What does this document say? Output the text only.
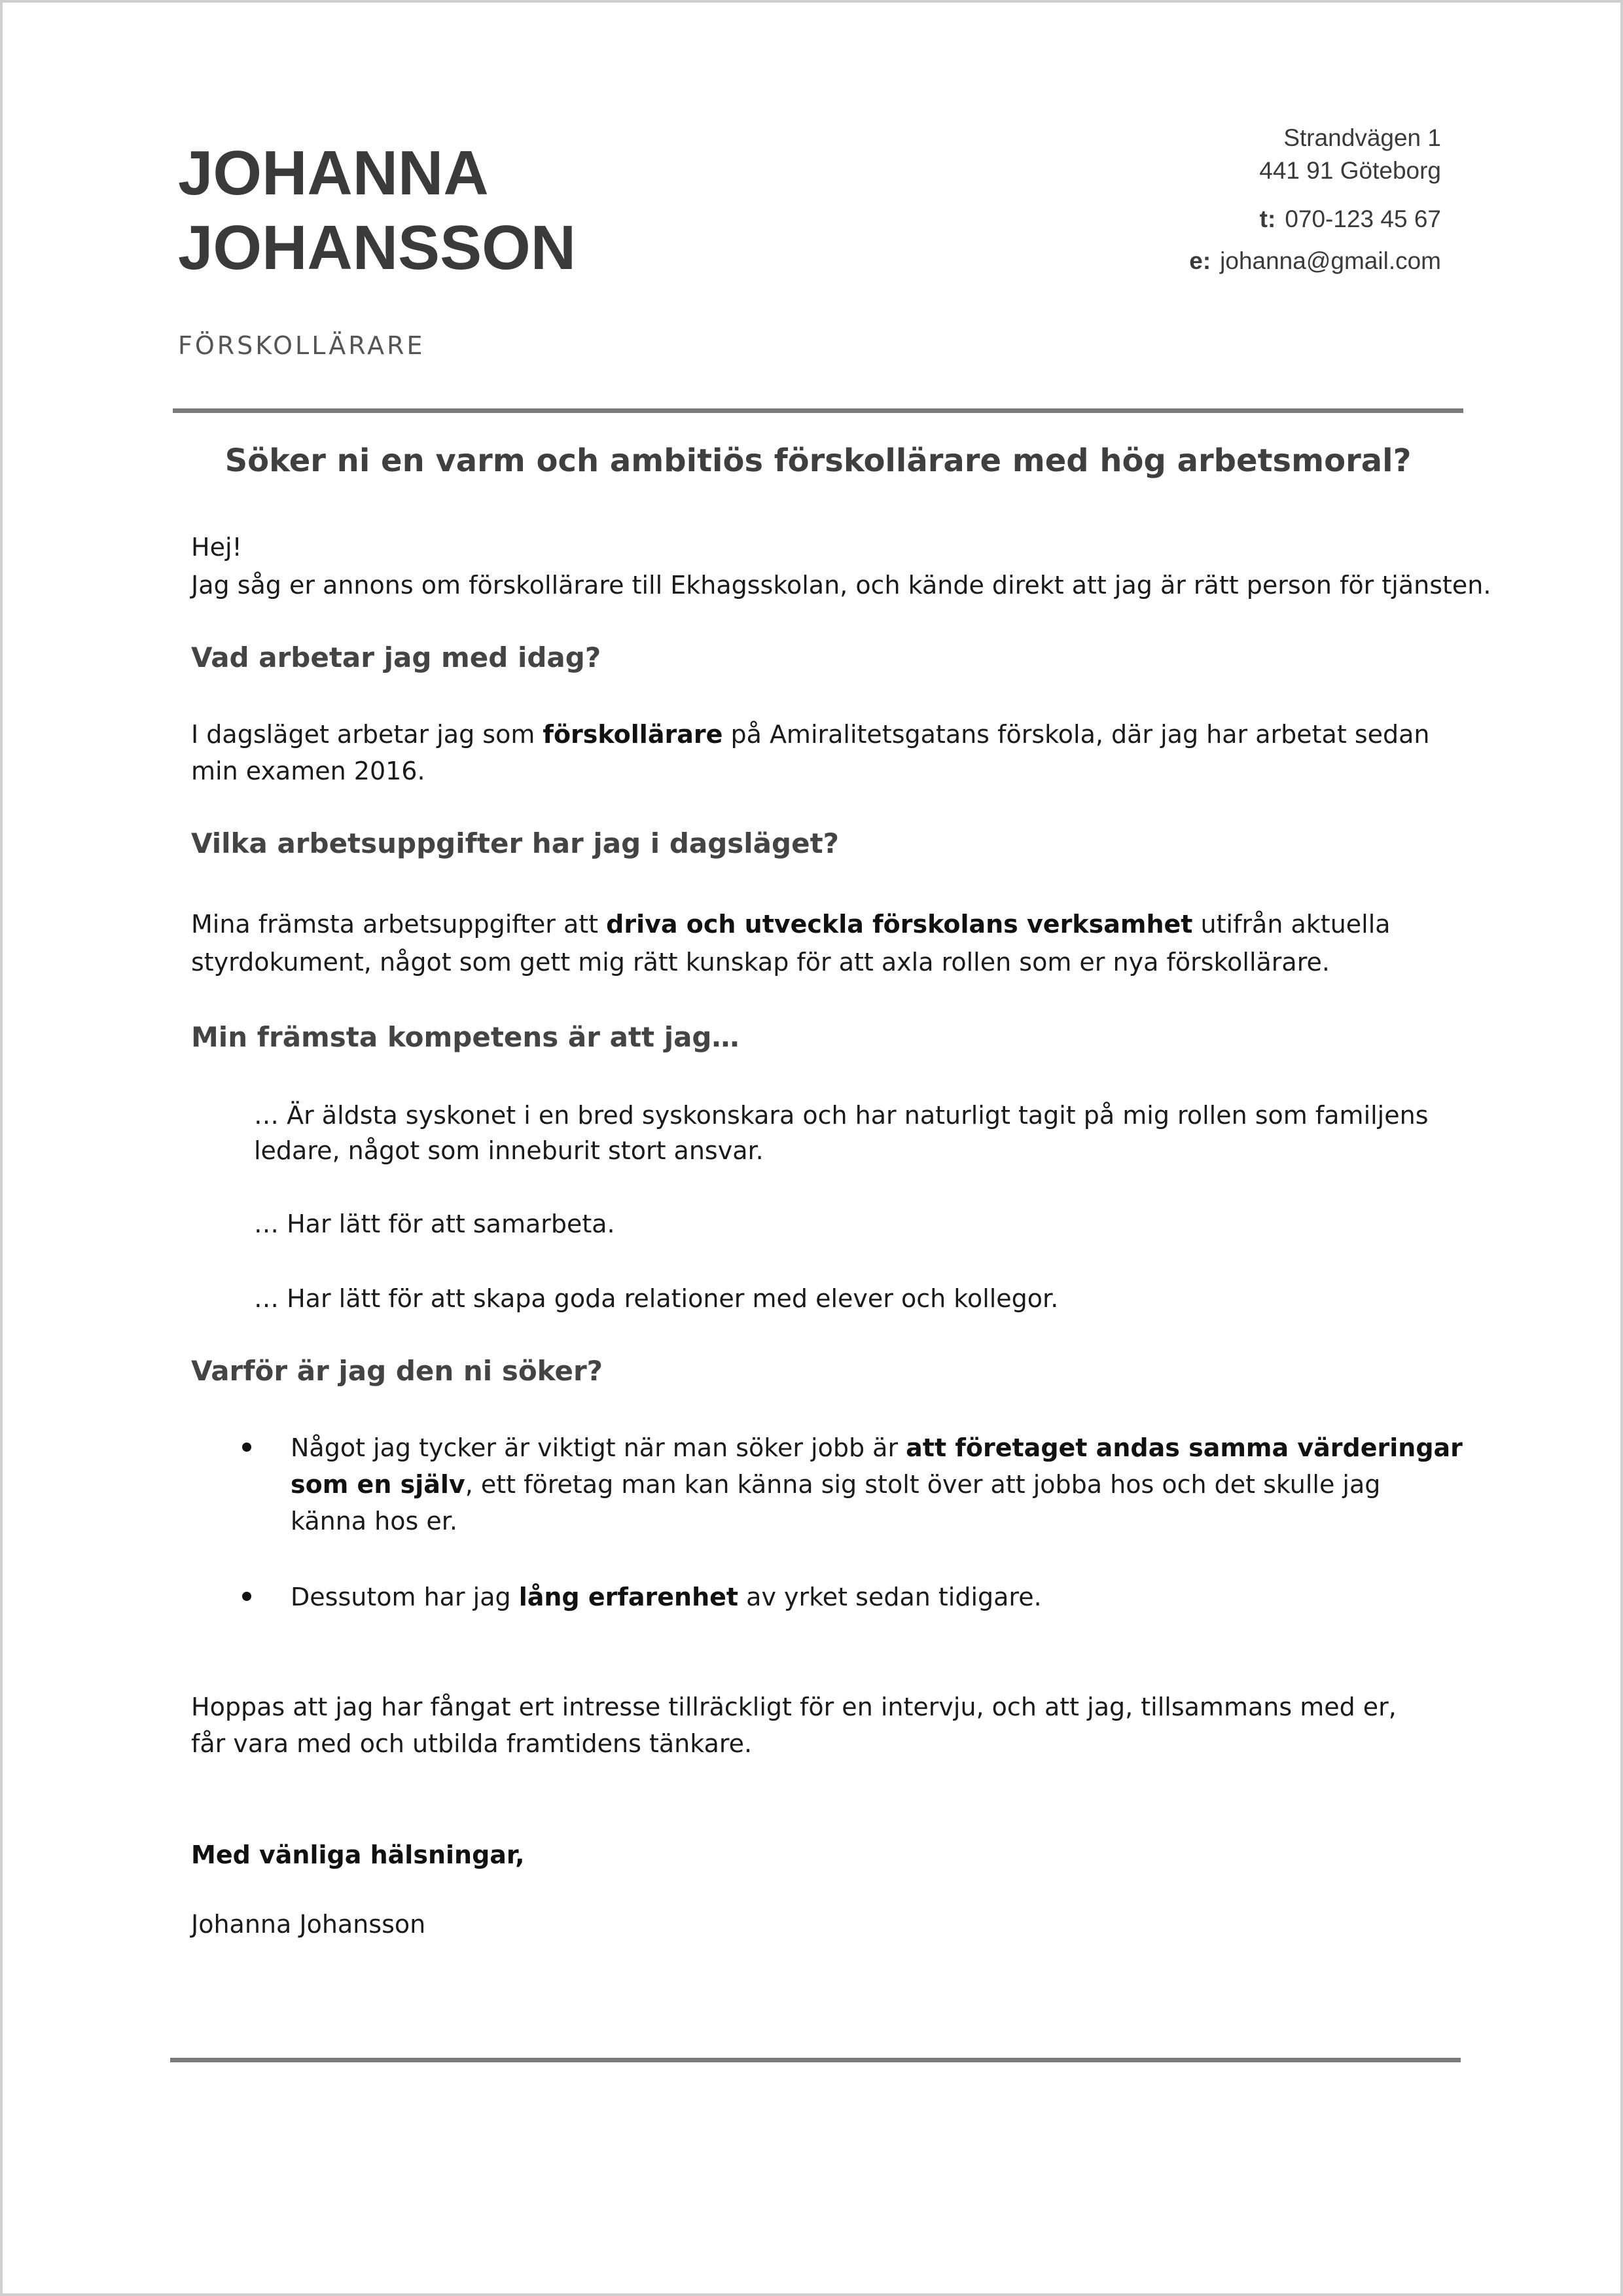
JOHANNA
JOHANSSON
FÖRSKOLLÄRARE
Strandvägen 1
441 91 Göteborg
t: 070-123 45 67
e: johanna@gmail.com
Söker ni en varm och ambitiös förskollärare med hög arbetsmoral?
Hej!
Jag såg er annons om förskollärare till Ekhagsskolan, och kände direkt att jag är rätt person för tjänsten.
Vad arbetar jag med idag?
I dagsläget arbetar jag som förskollärare på Amiralitetsgatans förskola, där jag har arbetat sedan
min examen 2016.
Vilka arbetsuppgifter har jag i dagsläget?
Mina främsta arbetsuppgifter att driva och utveckla förskolans verksamhet utifrån aktuella
styrdokument, något som gett mig rätt kunskap för att axla rollen som er nya förskollärare.
Min främsta kompetens är att jag…
… Är äldsta syskonet i en bred syskonskara och har naturligt tagit på mig rollen som familjens
ledare, något som inneburit stort ansvar.
… Har lätt för att samarbeta.
… Har lätt för att skapa goda relationer med elever och kollegor.
Varför är jag den ni söker?
Något jag tycker är viktigt när man söker jobb är att företaget andas samma värderingar
som en själv, ett företag man kan känna sig stolt över att jobba hos och det skulle jag
känna hos er.
Dessutom har jag lång erfarenhet av yrket sedan tidigare.
Hoppas att jag har fångat ert intresse tillräckligt för en intervju, och att jag, tillsammans med er,
får vara med och utbilda framtidens tänkare.
Med vänliga hälsningar,
Johanna Johansson
